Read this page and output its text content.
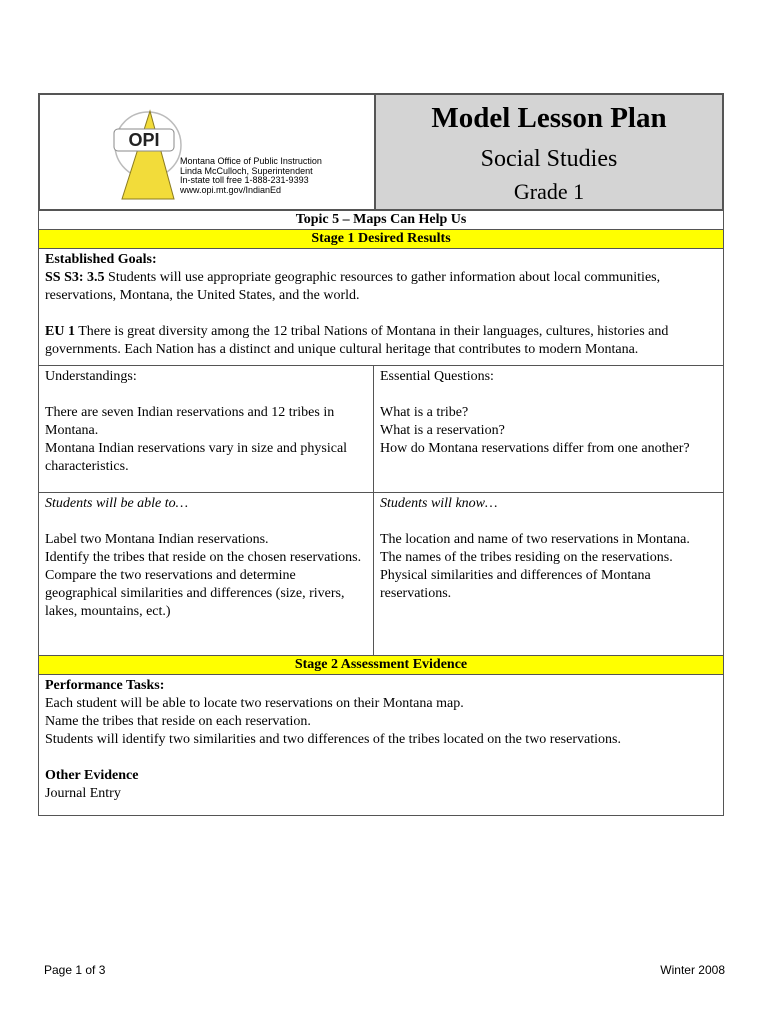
OPI
Montana Office of Public Instruction
Linda McCulloch, Superintendent
In-state toll free 1-888-231-9393
www.opi.mt.gov/IndianEd
Model Lesson Plan
Social Studies
Grade 1
Topic 5 – Maps Can Help Us
Stage 1 Desired Results
Established Goals:
SS S3: 3.5 Students will use appropriate geographic resources to gather information about local communities, reservations, Montana, the United States, and the world.
EU 1 There is great diversity among the 12 tribal Nations of Montana in their languages, cultures, histories and governments. Each Nation has a distinct and unique cultural heritage that contributes to modern Montana.
Understandings:
There are seven Indian reservations and 12 tribes in Montana.
Montana Indian reservations vary in size and physical characteristics.
Essential Questions:
What is a tribe?
What is a reservation?
How do Montana reservations differ from one another?
Students will be able to…
Label two Montana Indian reservations.
Identify the tribes that reside on the chosen reservations.
Compare the two reservations and determine geographical similarities and differences (size, rivers, lakes, mountains, ect.)
Students will know…
The location and name of two reservations in Montana.
The names of the tribes residing on the reservations.
Physical similarities and differences of Montana reservations.
Stage 2 Assessment Evidence
Performance Tasks:
Each student will be able to locate two reservations on their Montana map.
Name the tribes that reside on each reservation.
Students will identify two similarities and two differences of the tribes located on the two reservations.
Other Evidence
Journal Entry
Page 1 of 3	Winter 2008
